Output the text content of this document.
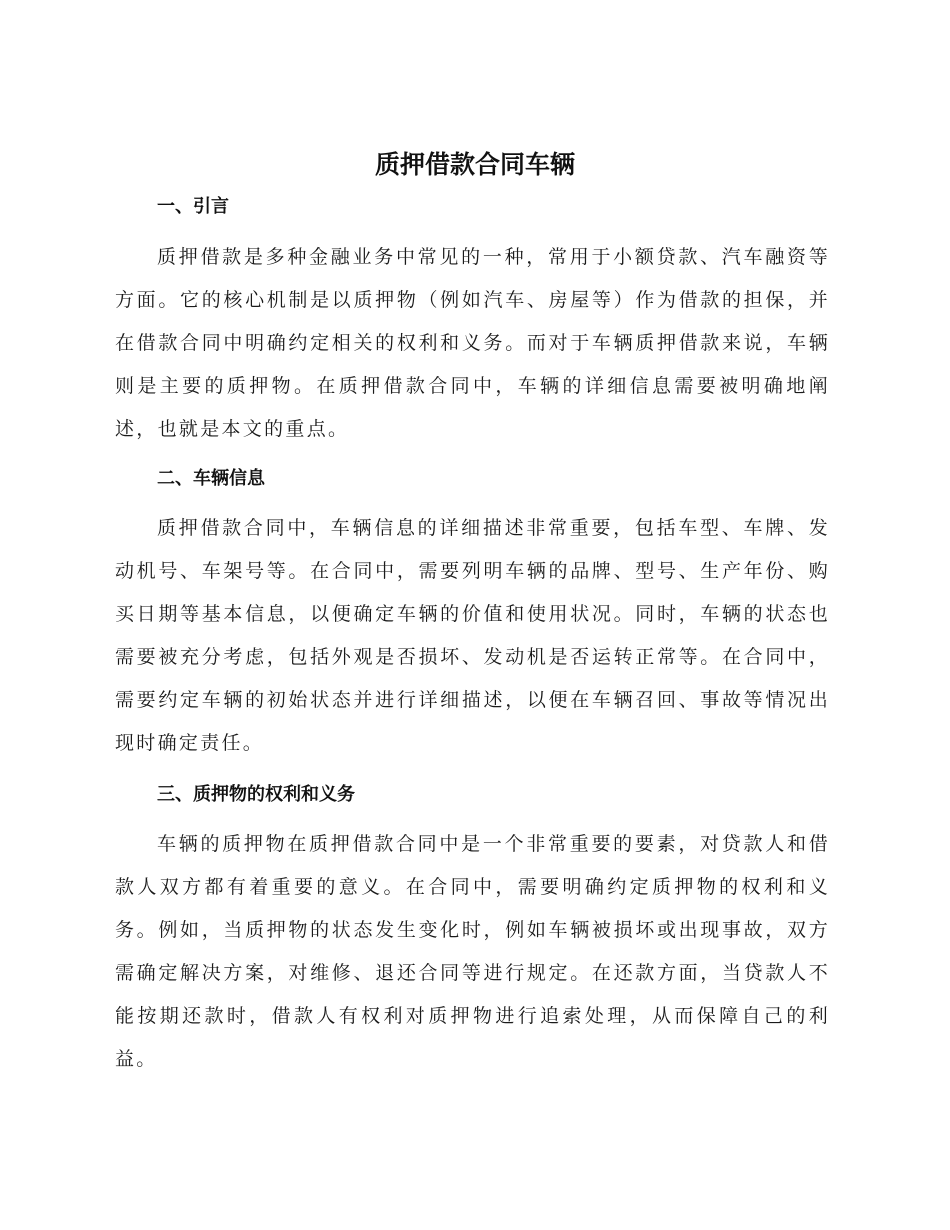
质押借款合同车辆
一、引言

质押借款是多种金融业务中常见的一种，常用于小额贷款、汽车融资等方面。它的核心机制是以质押物（例如汽车、房屋等）作为借款的担保，并在借款合同中明确约定相关的权利和义务。而对于车辆质押借款来说，车辆则是主要的质押物。在质押借款合同中，车辆的详细信息需要被明确地阐述，也就是本文的重点。

二、车辆信息

质押借款合同中，车辆信息的详细描述非常重要，包括车型、车牌、发动机号、车架号等。在合同中，需要列明车辆的品牌、型号、生产年份、购买日期等基本信息，以便确定车辆的价值和使用状况。同时，车辆的状态也需要被充分考虑，包括外观是否损坏、发动机是否运转正常等。在合同中，需要约定车辆的初始状态并进行详细描述，以便在车辆召回、事故等情况出现时确定责任。

三、质押物的权利和义务

车辆的质押物在质押借款合同中是一个非常重要的要素，对贷款人和借款人双方都有着重要的意义。在合同中，需要明确约定质押物的权利和义务。例如，当质押物的状态发生变化时，例如车辆被损坏或出现事故，双方需确定解决方案，对维修、退还合同等进行规定。在还款方面，当贷款人不能按期还款时，借款人有权利对质押物进行追索处理，从而保障自己的利益。
